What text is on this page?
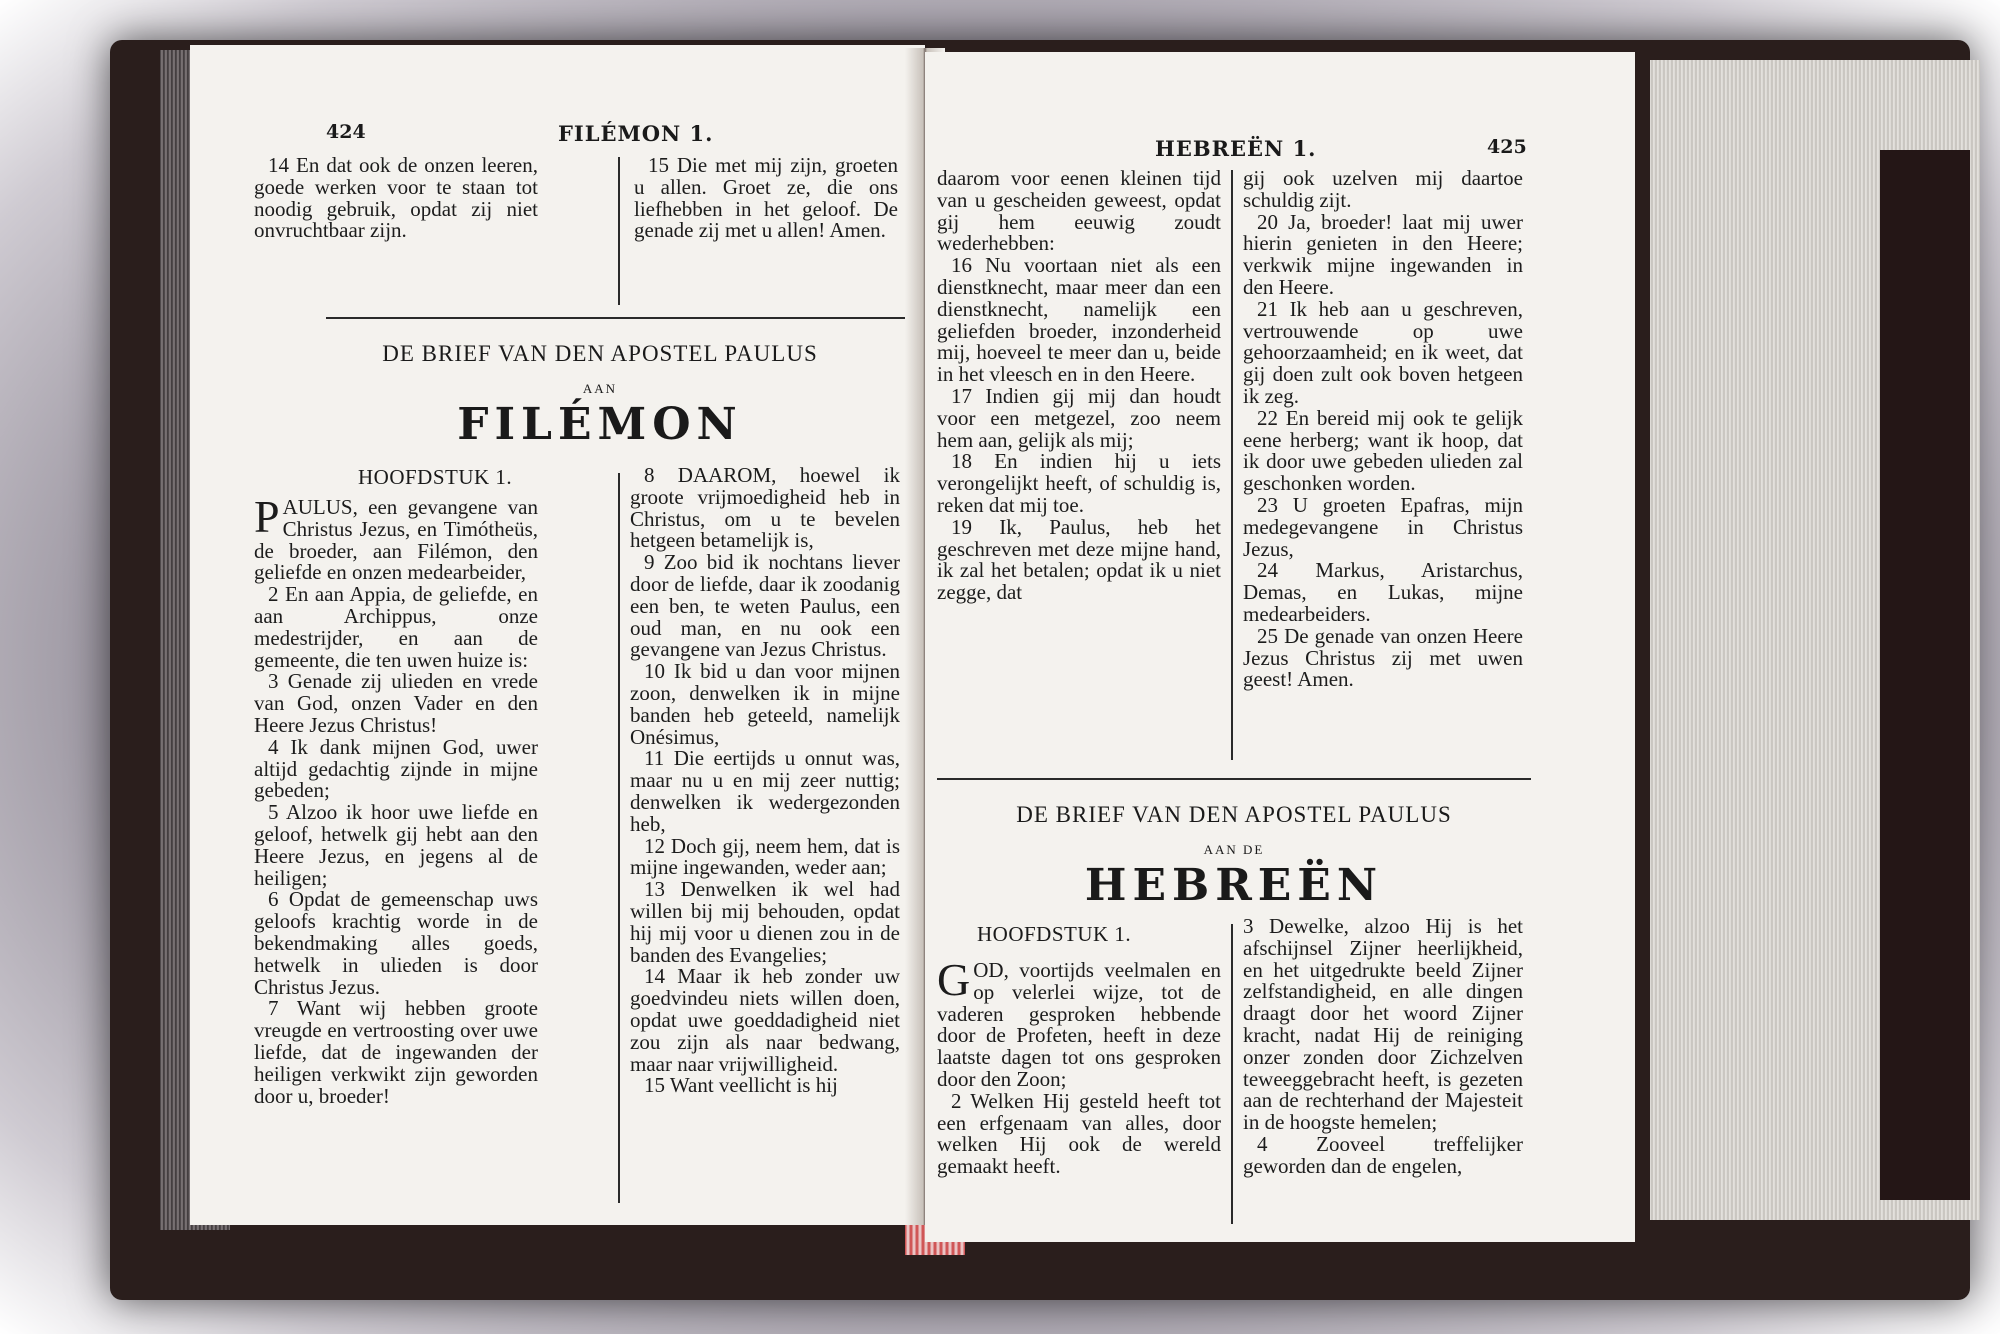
424	FILÉMON 1.

14 En dat ook de onzen leeren, goede werken voor te staan tot noodig gebruik, opdat zij niet onvruchtbaar zijn.

15 Die met mij zijn, groeten u allen. Groet ze, die ons liefhebben in het geloof. De genade zij met u allen! Amen.

DE BRIEF VAN DEN APOSTEL PAULUS
AAN
FILÉMON
HOOFDSTUK 1.

PAULUS, een gevangene van Christus Jezus, en Timótheüs, de broeder, aan Filémon, den geliefde en onzen medearbeider,

2 En aan Appia, de geliefde, en aan Archippus, onze medestrijder, en aan de gemeente, die ten uwen huize is:

3 Genade zij ulieden en vrede van God, onzen Vader en den Heere Jezus Christus!

4 Ik dank mijnen God, uwer altijd gedachtig zijnde in mijne gebeden;

5 Alzoo ik hoor uwe liefde en geloof, hetwelk gij hebt aan den Heere Jezus, en jegens al de heiligen;

6 Opdat de gemeenschap uws geloofs krachtig worde in de bekendmaking alles goeds, hetwelk in ulieden is door Christus Jezus.

7 Want wij hebben groote vreugde en vertroosting over uwe liefde, dat de ingewanden der heiligen verkwikt zijn geworden door u, broeder!

8 DAAROM, hoewel ik groote vrijmoedigheid heb in Christus, om u te bevelen hetgeen betamelijk is,

9 Zoo bid ik nochtans liever door de liefde, daar ik zoodanig een ben, te weten Paulus, een oud man, en nu ook een gevangene van Jezus Christus.

10 Ik bid u dan voor mijnen zoon, denwelken ik in mijne banden heb geteeld, namelijk Onésimus,

11 Die eertijds u onnut was, maar nu u en mij zeer nuttig; denwelken ik wedergezonden heb,

12 Doch gij, neem hem, dat is mijne ingewanden, weder aan;

13 Denwelken ik wel had willen bij mij behouden, opdat hij mij voor u dienen zou in de banden des Evangelies;

14 Maar ik heb zonder uw goedvindeu niets willen doen, opdat uwe goeddadigheid niet zou zijn als naar bedwang, maar naar vrijwilligheid.

15 Want veellicht is hij

HEBREËN 1.	425

daarom voor eenen kleinen tijd van u gescheiden geweest, opdat gij hem eeuwig zoudt wederhebben:

16 Nu voortaan niet als een dienstknecht, maar meer dan een dienstknecht, namelijk een geliefden broeder, inzonderheid mij, hoeveel te meer dan u, beide in het vleesch en in den Heere.

17 Indien gij mij dan houdt voor een metgezel, zoo neem hem aan, gelijk als mij;

18 En indien hij u iets verongelijkt heeft, of schuldig is, reken dat mij toe.

19 Ik, Paulus, heb het geschreven met deze mijne hand, ik zal het betalen; opdat ik u niet zegge, dat

gij ook uzelven mij daartoe schuldig zijt.

20 Ja, broeder! laat mij uwer hierin genieten in den Heere; verkwik mijne ingewanden in den Heere.

21 Ik heb aan u geschreven, vertrouwende op uwe gehoorzaamheid; en ik weet, dat gij doen zult ook boven hetgeen ik zeg.

22 En bereid mij ook te gelijk eene herberg; want ik hoop, dat ik door uwe gebeden ulieden zal geschonken worden.

23 U groeten Epafras, mijn medegevangene in Christus Jezus,

24 Markus, Aristarchus, Demas, en Lukas, mijne medearbeiders.

25 De genade van onzen Heere Jezus Christus zij met uwen geest! Amen.

DE BRIEF VAN DEN APOSTEL PAULUS
AAN DE
HEBREËN
HOOFDSTUK 1.

GOD, voortijds veelmalen en op velerlei wijze, tot de vaderen gesproken hebbende door de Profeten, heeft in deze laatste dagen tot ons gesproken door den Zoon;

2 Welken Hij gesteld heeft tot een erfgenaam van alles, door welken Hij ook de wereld gemaakt heeft.

3 Dewelke, alzoo Hij is het afschijnsel Zijner heerlijkheid, en het uitgedrukte beeld Zijner zelfstandigheid, en alle dingen draagt door het woord Zijner kracht, nadat Hij de reiniging onzer zonden door Zichzelven teweeggebracht heeft, is gezeten aan de rechterhand der Majesteit in de hoogste hemelen;

4 Zooveel treffelijker geworden dan de engelen,
